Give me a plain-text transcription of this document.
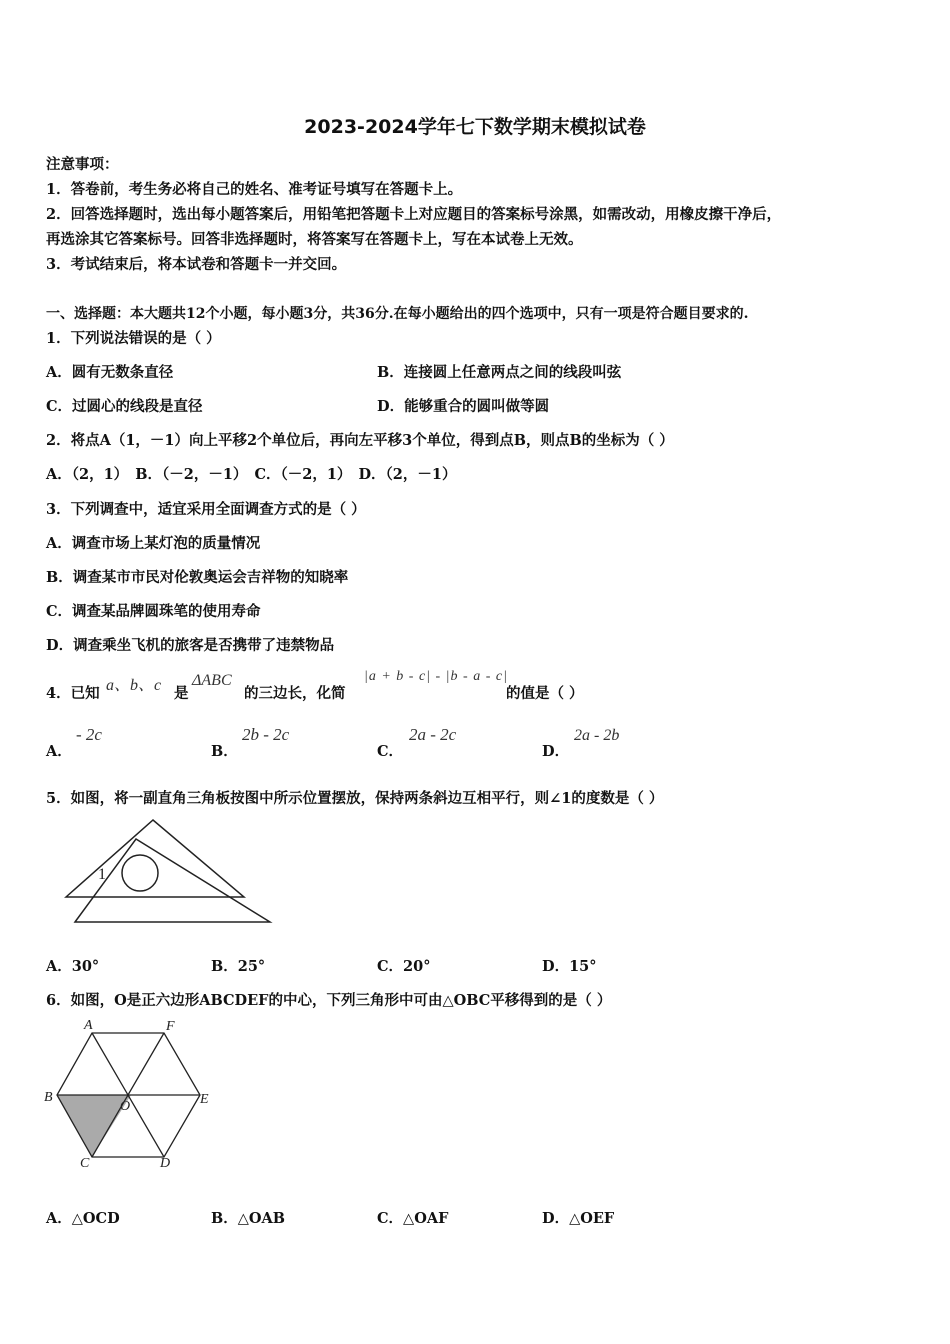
2023-2024学年七下数学期末模拟试卷
注意事项：
1．答卷前，考生务必将自己的姓名、准考证号填写在答题卡上。
2．回答选择题时，选出每小题答案后，用铅笔把答题卡上对应题目的答案标号涂黑，如需改动，用橡皮擦干净后，
再选涂其它答案标号。回答非选择题时，将答案写在答题卡上，写在本试卷上无效。
3．考试结束后，将本试卷和答题卡一并交回。
一、选择题：本大题共12个小题，每小题3分，共36分.在每小题给出的四个选项中，只有一项是符合题目要求的.
1．下列说法错误的是（ ）
A．圆有无数条直径	B．连接圆上任意两点之间的线段叫弦
C．过圆心的线段是直径	D．能够重合的圆叫做等圆
2．将点A（1，－1）向上平移2个单位后，再向左平移3个单位，得到点B，则点B的坐标为（ ）
A．（2，1） B．（－2，－1） C．（－2，1） D．（2，－1）
3．下列调查中，适宜采用全面调查方式的是（ ）
A．调查市场上某灯泡的质量情况
B．调查某市市民对伦敦奥运会吉祥物的知晓率
C．调查某品牌圆珠笔的使用寿命
D．调查乘坐飞机的旅客是否携带了违禁物品
4．已知 a、b、c 是
ΔABC
的三边长，化简
|a + b - c| - |b - a - c|
的值是（ ）
A．
- 2c
B．
2b - 2c
C．
2a - 2c
D．
2a - 2b
5．如图，将一副直角三角板按图中所示位置摆放，保持两条斜边互相平行，则∠1的度数是（ ）
1
A．30°	B．25°	C．20°	D．15°
6．如图，O是正六边形ABCDEF的中心，下列三角形中可由△OBC平移得到的是（ ）
A	F
B
O	E
C	D
A．△OCD	B．△OAB	C．△OAF	D．△OEF
